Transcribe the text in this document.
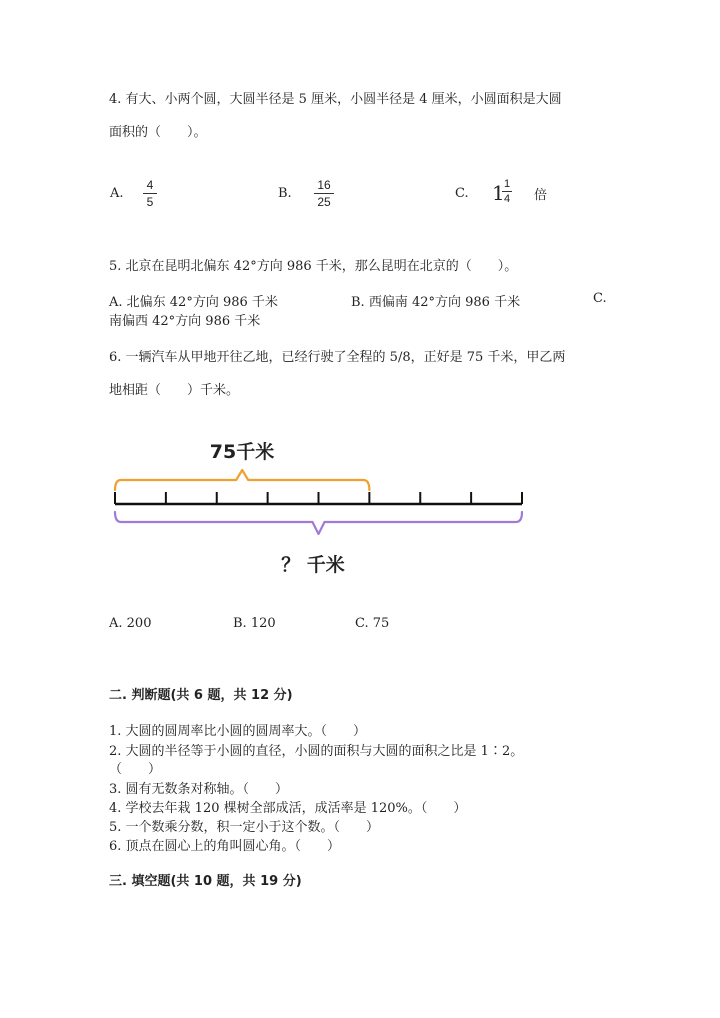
4. 有大、小两个圆，大圆半径是 5 厘米，小圆半径是 4 厘米，小圆面积是大圆
面积的（　　）。
A.
4
5
B.
16
25
C. 1 1
4 倍
5. 北京在昆明北偏东 42°方向 986 千米，那么昆明在北京的（　　）。
A. 北偏东 42°方向 986 千米	B. 西偏南 42°方向 986 千米	C.
南偏西 42°方向 986 千米
6. 一辆汽车从甲地开往乙地，已经行驶了全程的 5/8，正好是 75 千米，甲乙两
地相距（　　）千米。
75千米
？ 千米
A. 200	B. 120	C. 75
二. 判断题(共 6 题，共 12 分)
1. 大圆的圆周率比小圆的圆周率大。（　　）
2. 大圆的半径等于小圆的直径，小圆的面积与大圆的面积之比是 1∶2。
（　　）
3. 圆有无数条对称轴。（　　）
4. 学校去年栽 120 棵树全部成活，成活率是 120%。（　　）
5. 一个数乘分数，积一定小于这个数。（　　）
6. 顶点在圆心上的角叫圆心角。（　　）
三. 填空题(共 10 题，共 19 分)
